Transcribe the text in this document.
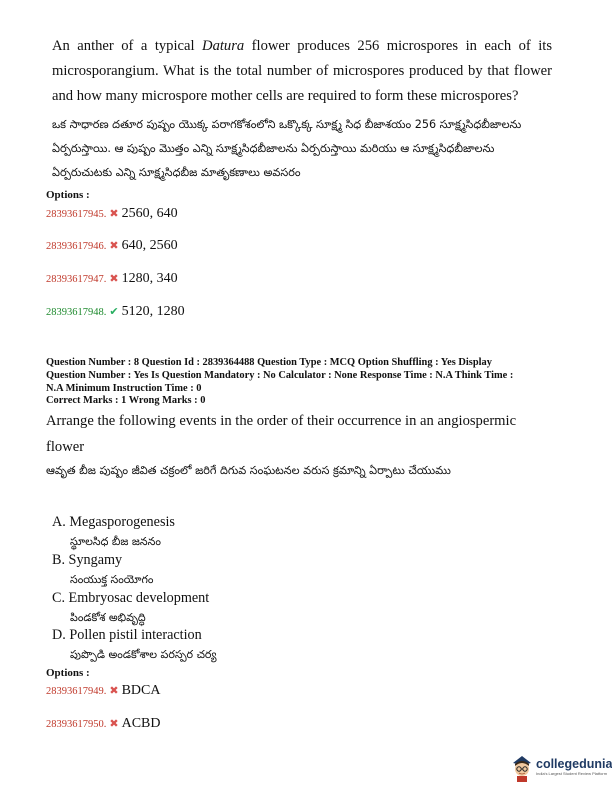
An anther of a typical Datura flower produces 256 microspores in each of its microsporangium. What is the total number of microspores produced by that flower and how many microspore mother cells are required to form these microspores?
ఒక సాధారణ దతూర పుష్పం యొక్క పరాగకోశంలోని ఒక్కొక్క సూక్ష్మ సిధ బీజాశయం 256 సూక్ష్మసిధబీజాలను ఏర్పరుస్తాయి. ఆ పుష్పం మొత్తం ఎన్ని సూక్ష్మసిధబీజాలను ఏర్పరుస్తాయి మరియు ఆ సూక్ష్మసిధబీజాలను ఏర్పరుచుటకు ఎన్ని సూక్ష్మసిధబీజ మాతృకణాలు అవసరం
Options :
28393617945. ✖ 2560, 640
28393617946. ✖ 640, 2560
28393617947. ✖ 1280, 340
28393617948. ✔ 5120, 1280
Question Number : 8 Question Id : 2839364488 Question Type : MCQ Option Shuffling : Yes Display
Question Number : Yes Is Question Mandatory : No Calculator : None Response Time : N.A Think Time :
N.A Minimum Instruction Time : 0
Correct Marks : 1 Wrong Marks : 0
Arrange the following events in the order of their occurrence in an angiospermic flower
ఆవృత బీజ పుష్పం జీవిత చక్రంలో జరిగే దిగువ సంఘటనల వరుస క్రమాన్ని ఏర్పాటు చేయుము
A. Megasporogenesis
స్థూలసిధ బీజ జననం
B. Syngamy
సంయుక్త సంయోగం
C. Embryosac development
పిండకోశ అభివృద్ధి
D. Pollen pistil interaction
పుప్పొడి అండకోశాల పరస్పర చర్య
Options :
28393617949. ✖ BDCA
28393617950. ✖ ACBD
collegedunia
India's Largest Student Review Platform
